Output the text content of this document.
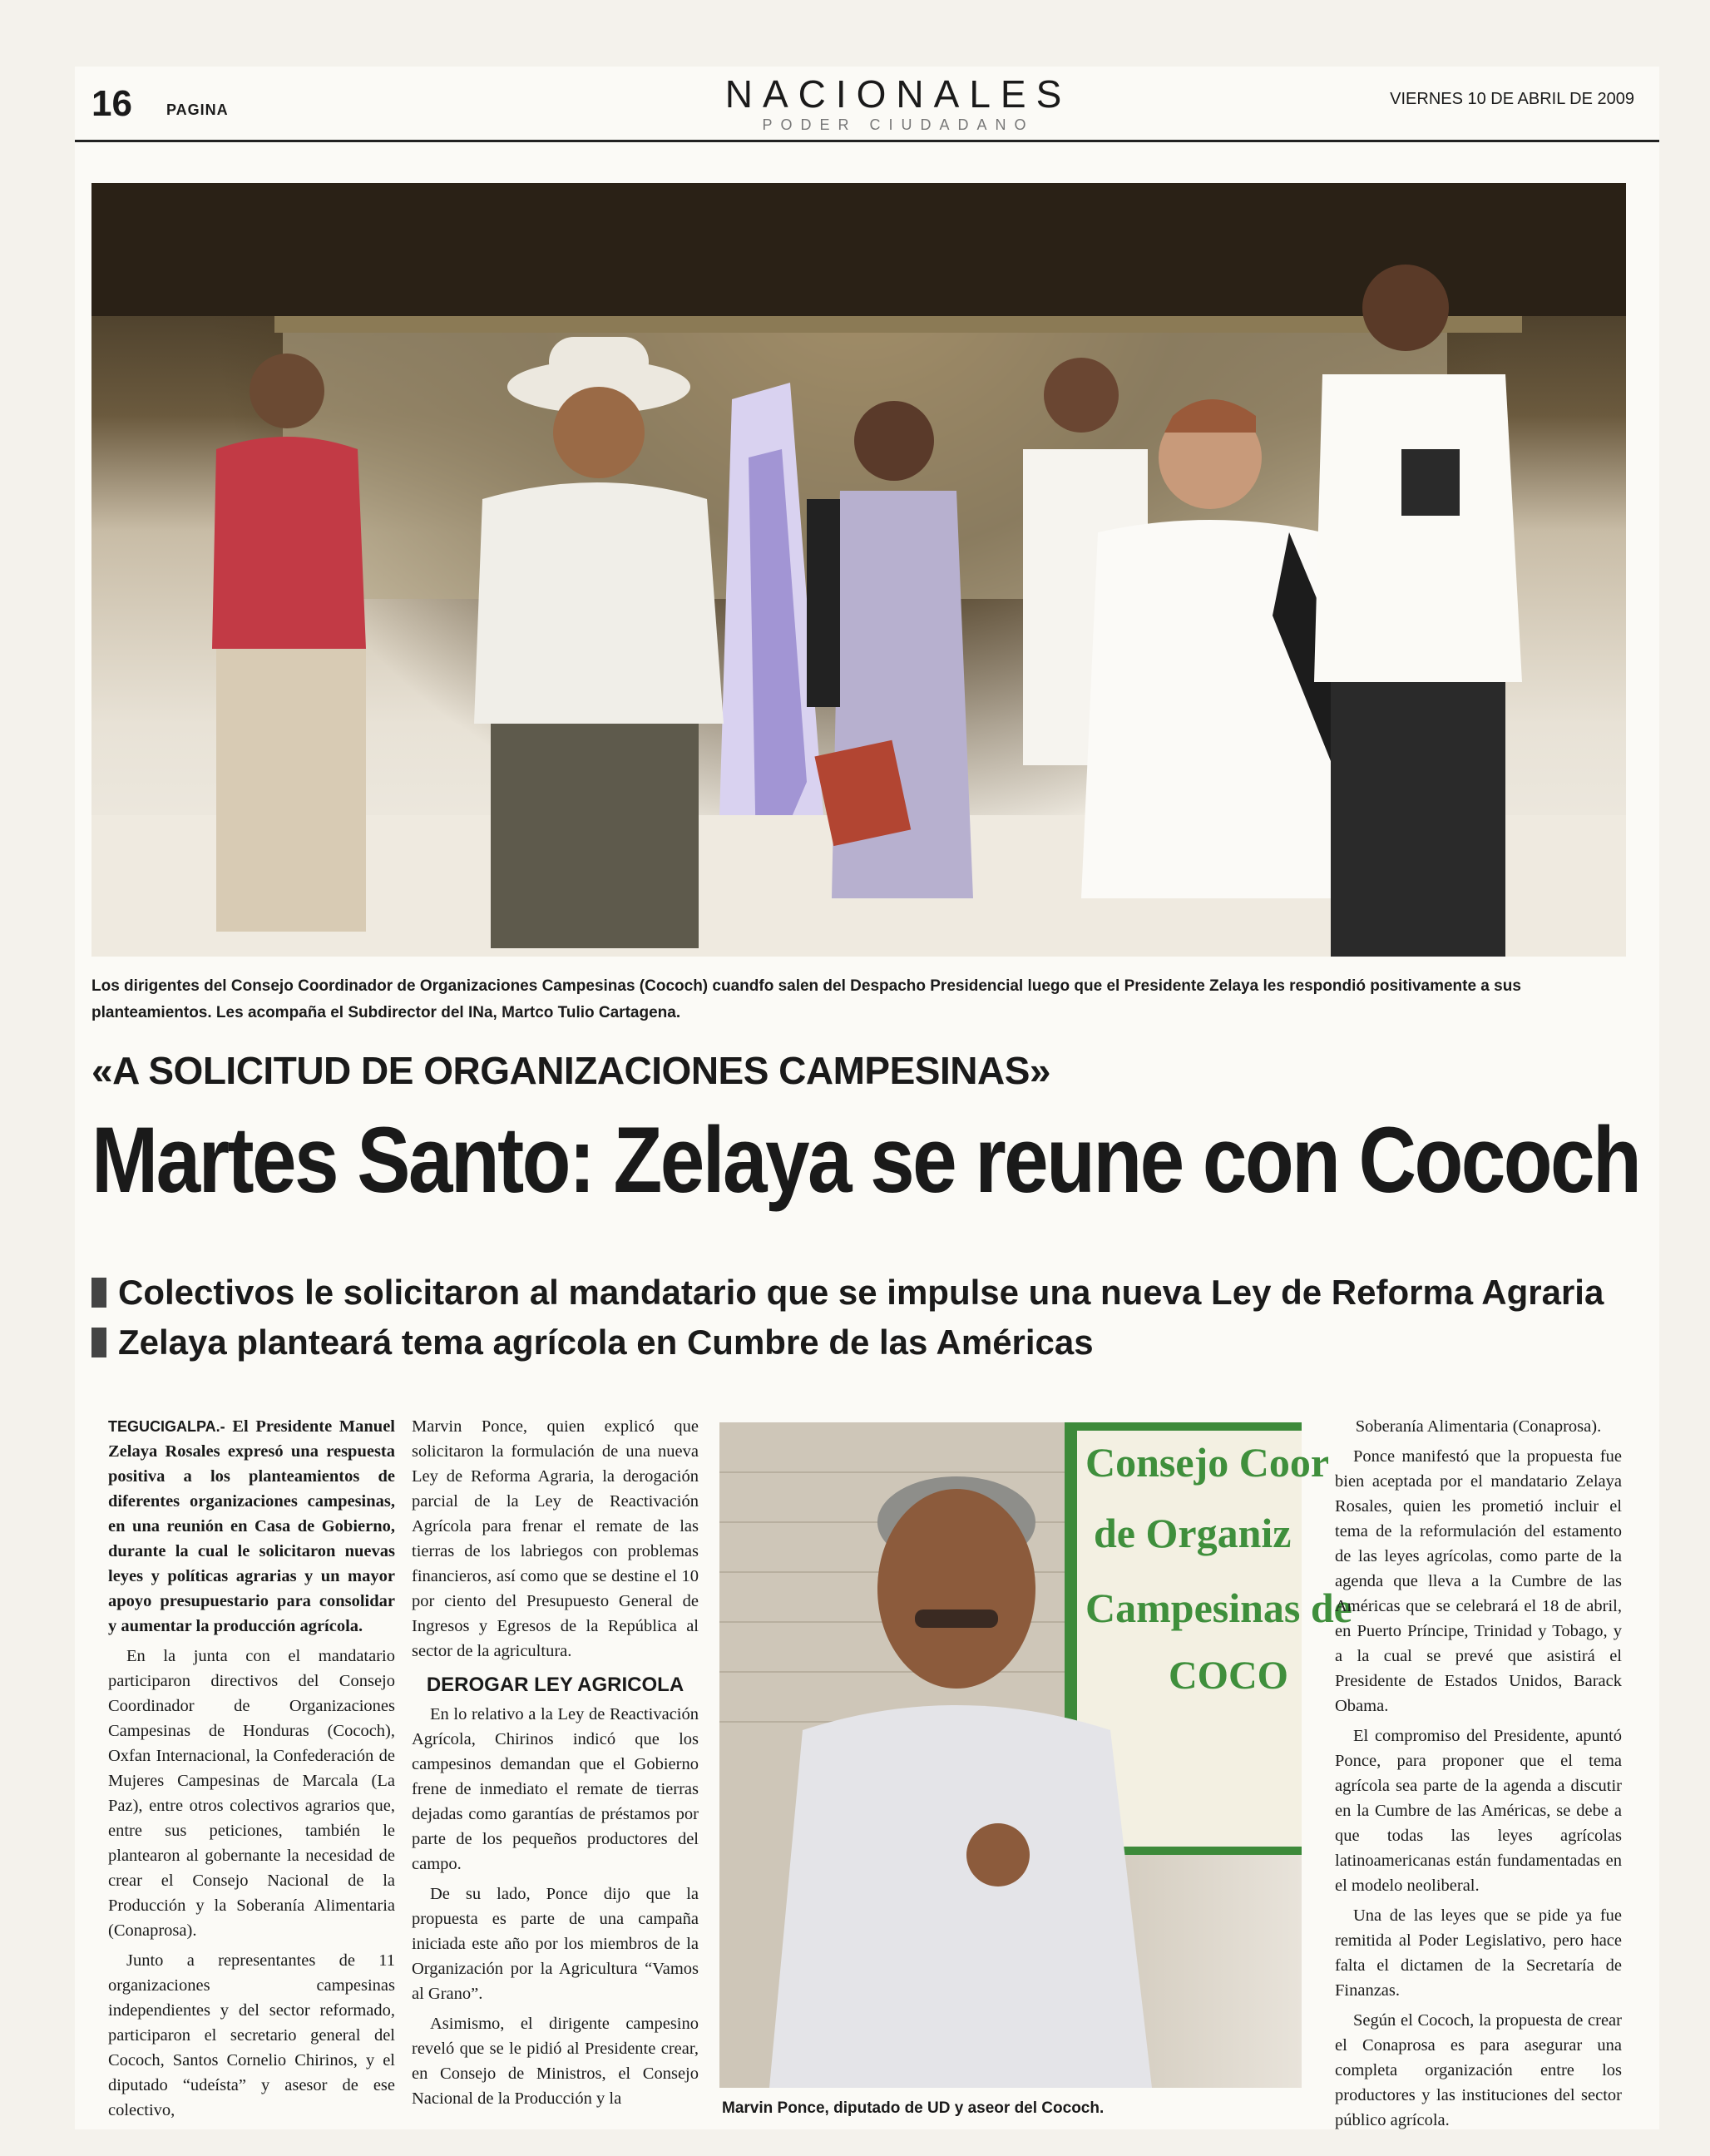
16 PAGINA	NACIONALES
PODER CIUDADANO
VIERNES 10 DE ABRIL DE 2009
Los dirigentes del Consejo Coordinador de Organizaciones Campesinas (Cococh) cuandfo salen del Despacho Presidencial luego que el Presidente Zelaya les respondió positivamente a sus planteamientos. Les acompaña el Subdirector del INa, Martco Tulio Cartagena.
«A SOLICITUD DE ORGANIZACIONES CAMPESINAS»
Martes Santo: Zelaya se reune con Cococh
Colectivos le solicitaron al mandatario que se impulse una nueva Ley de Reforma Agraria
Zelaya planteará tema agrícola en Cumbre de las Américas

TEGUCIGALPA.- El Presidente Manuel Zelaya Rosales expresó una respuesta positiva a los planteamientos de diferentes organizaciones campesinas, en una reunión en Casa de Gobierno, durante la cual le solicitaron nuevas leyes y políticas agrarias y un mayor apoyo presupuestario para consolidar y aumentar la producción agrícola.

En la junta con el mandatario participaron directivos del Consejo Coordinador de Organizaciones Campesinas de Honduras (Cococh), Oxfan Internacional, la Confederación de Mujeres Campesinas de Marcala (La Paz), entre otros colectivos agrarios que, entre sus peticiones, también le plantearon al gobernante la necesidad de crear el Consejo Nacional de la Producción y la Soberanía Alimentaria (Conaprosa).

Junto a representantes de 11 organizaciones campesinas independientes y del sector reformado, participaron el secretario general del Cococh, Santos Cornelio Chirinos, y el diputado “udeísta” y asesor de ese colectivo,

Marvin Ponce, quien explicó que solicitaron la formulación de una nueva Ley de Reforma Agraria, la derogación parcial de la Ley de Reactivación Agrícola para frenar el remate de las tierras de los labriegos con problemas financieros, así como que se destine el 10 por ciento del Presupuesto General de Ingresos y Egresos de la República al sector de la agricultura.

DEROGAR LEY AGRICOLA

En lo relativo a la Ley de Reactivación Agrícola, Chirinos indicó que los campesinos demandan que el Gobierno frene de inmediato el remate de tierras dejadas como garantías de préstamos por parte de los pequeños productores del campo.

De su lado, Ponce dijo que la propuesta es parte de una campaña iniciada este año por los miembros de la Organización por la Agricultura “Vamos al Grano”.

Asimismo, el dirigente campesino reveló que se le pidió al Presidente crear, en Consejo de Ministros, el Consejo Nacional de la Producción y la

Consejo Coor
de Organiz
Campesinas de
COCO
Marvin Ponce, diputado de UD y aseor del Cococh.

Soberanía Alimentaria (Conaprosa).

Ponce manifestó que la propuesta fue bien aceptada por el mandatario Zelaya Rosales, quien les prometió incluir el tema de la reformulación del estamento de las leyes agrícolas, como parte de la agenda que lleva a la Cumbre de las Américas que se celebrará el 18 de abril, en Puerto Príncipe, Trinidad y Tobago, y a la cual se prevé que asistirá el Presidente de Estados Unidos, Barack Obama.

El compromiso del Presidente, apuntó Ponce, para proponer que el tema agrícola sea parte de la agenda a discutir en la Cumbre de las Américas, se debe a que todas las leyes agrícolas latinoamericanas están fundamentadas en el modelo neoliberal.

Una de las leyes que se pide ya fue remitida al Poder Legislativo, pero hace falta el dictamen de la Secretaría de Finanzas.

Según el Cococh, la propuesta de crear el Conaprosa es para asegurar una completa organización entre los productores y las instituciones del sector público agrícola.
